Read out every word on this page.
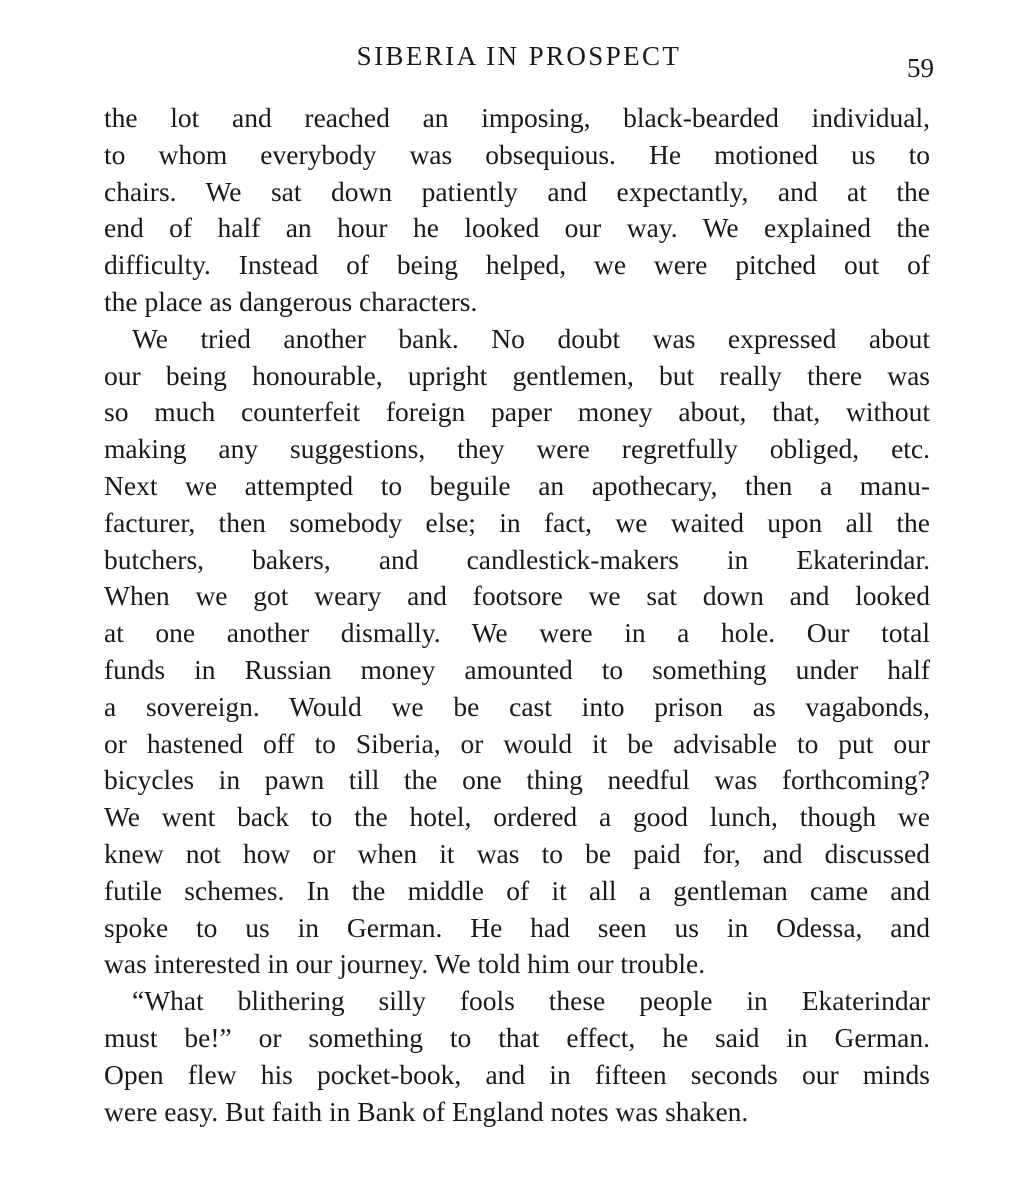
SIBERIA IN PROSPECT	59
the lot and reached an imposing, black-bearded individual,
to whom everybody was obsequious. He motioned us to
chairs. We sat down patiently and expectantly, and at the
end of half an hour he looked our way. We explained the
difficulty. Instead of being helped, we were pitched out of
the place as dangerous characters.
We tried another bank. No doubt was expressed about
our being honourable, upright gentlemen, but really there was
so much counterfeit foreign paper money about, that, without
making any suggestions, they were regretfully obliged, etc.
Next we attempted to beguile an apothecary, then a manu-
facturer, then somebody else; in fact, we waited upon all the
butchers, bakers, and candlestick-makers in Ekaterindar.
When we got weary and footsore we sat down and looked
at one another dismally. We were in a hole. Our total
funds in Russian money amounted to something under half
a sovereign. Would we be cast into prison as vagabonds,
or hastened off to Siberia, or would it be advisable to put our
bicycles in pawn till the one thing needful was forthcoming?
We went back to the hotel, ordered a good lunch, though we
knew not how or when it was to be paid for, and discussed
futile schemes. In the middle of it all a gentleman came and
spoke to us in German. He had seen us in Odessa, and
was interested in our journey. We told him our trouble.
“What blithering silly fools these people in Ekaterindar
must be!” or something to that effect, he said in German.
Open flew his pocket-book, and in fifteen seconds our minds
were easy. But faith in Bank of England notes was shaken.
